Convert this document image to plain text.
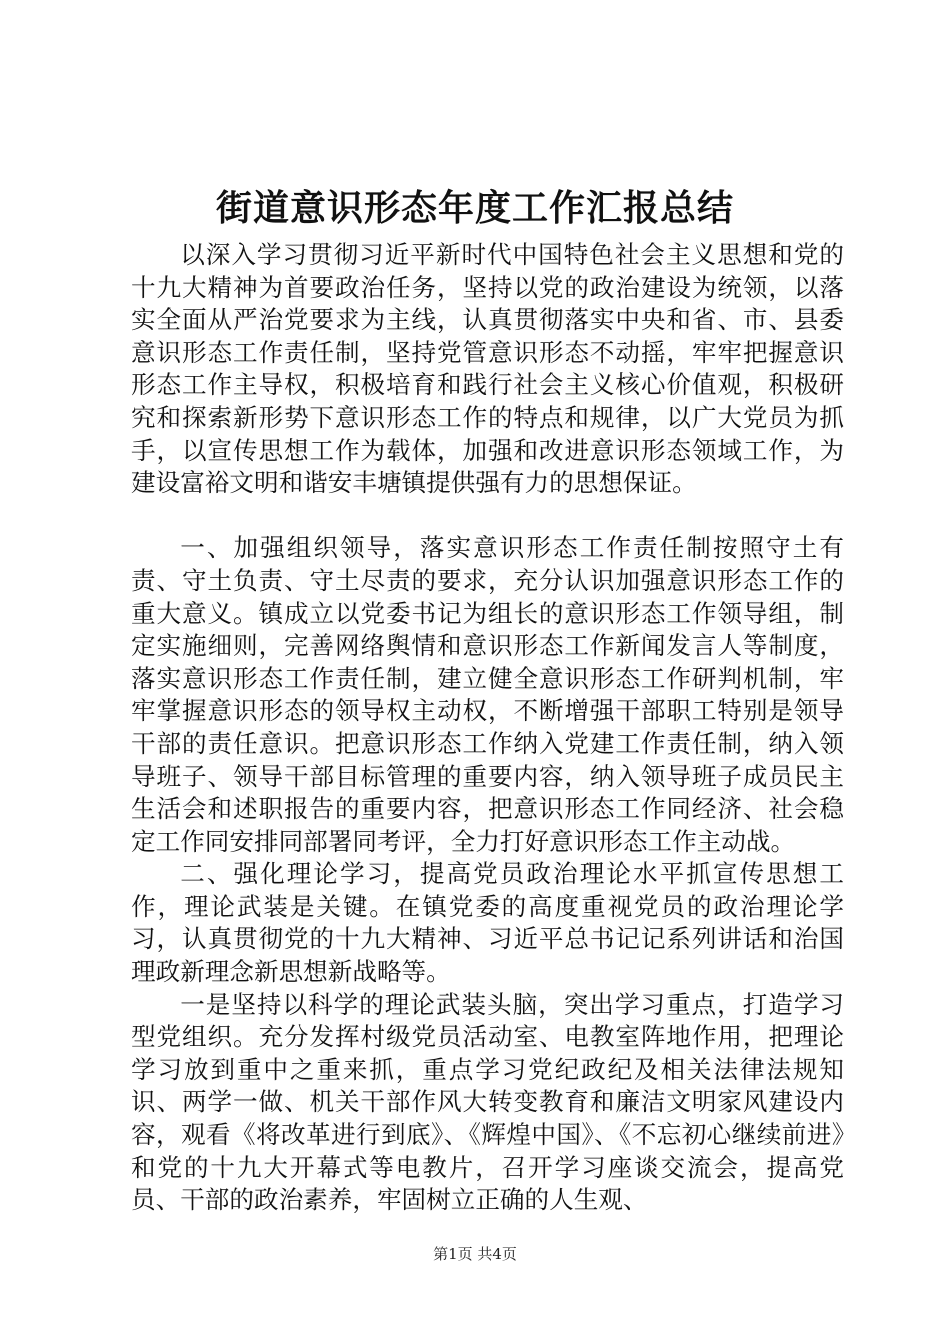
街道意识形态年度工作汇报总结

以深入学习贯彻习近平新时代中国特色社会主义思想和党的十九大精神为首要政治任务，坚持以党的政治建设为统领，以落实全面从严治党要求为主线，认真贯彻落实中央和省、市、县委意识形态工作责任制，坚持党管意识形态不动摇，牢牢把握意识形态工作主导权，积极培育和践行社会主义核心价值观，积极研究和探索新形势下意识形态工作的特点和规律，以广大党员为抓手，以宣传思想工作为载体，加强和改进意识形态领域工作，为建设富裕文明和谐安丰塘镇提供强有力的思想保证。

一、加强组织领导，落实意识形态工作责任制按照守土有责、守土负责、守土尽责的要求，充分认识加强意识形态工作的重大意义。镇成立以党委书记为组长的意识形态工作领导组，制定实施细则，完善网络舆情和意识形态工作新闻发言人等制度，落实意识形态工作责任制，建立健全意识形态工作研判机制，牢牢掌握意识形态的领导权主动权，不断增强干部职工特别是领导干部的责任意识。把意识形态工作纳入党建工作责任制，纳入领导班子、领导干部目标管理的重要内容，纳入领导班子成员民主生活会和述职报告的重要内容，把意识形态工作同经济、社会稳定工作同安排同部署同考评，全力打好意识形态工作主动战。

二、强化理论学习，提高党员政治理论水平抓宣传思想工作，理论武装是关键。在镇党委的高度重视党员的政治理论学习，认真贯彻党的十九大精神、习近平总书记记系列讲话和治国理政新理念新思想新战略等。

一是坚持以科学的理论武装头脑，突出学习重点，打造学习型党组织。充分发挥村级党员活动室、电教室阵地作用，把理论学习放到重中之重来抓，重点学习党纪政纪及相关法律法规知识、两学一做、机关干部作风大转变教育和廉洁文明家风建设内容，观看《将改革进行到底》、《辉煌中国》、《不忘初心继续前进》和党的十九大开幕式等电教片，召开学习座谈交流会，提高党员、干部的政治素养，牢固树立正确的人生观、

第1页 共4页
